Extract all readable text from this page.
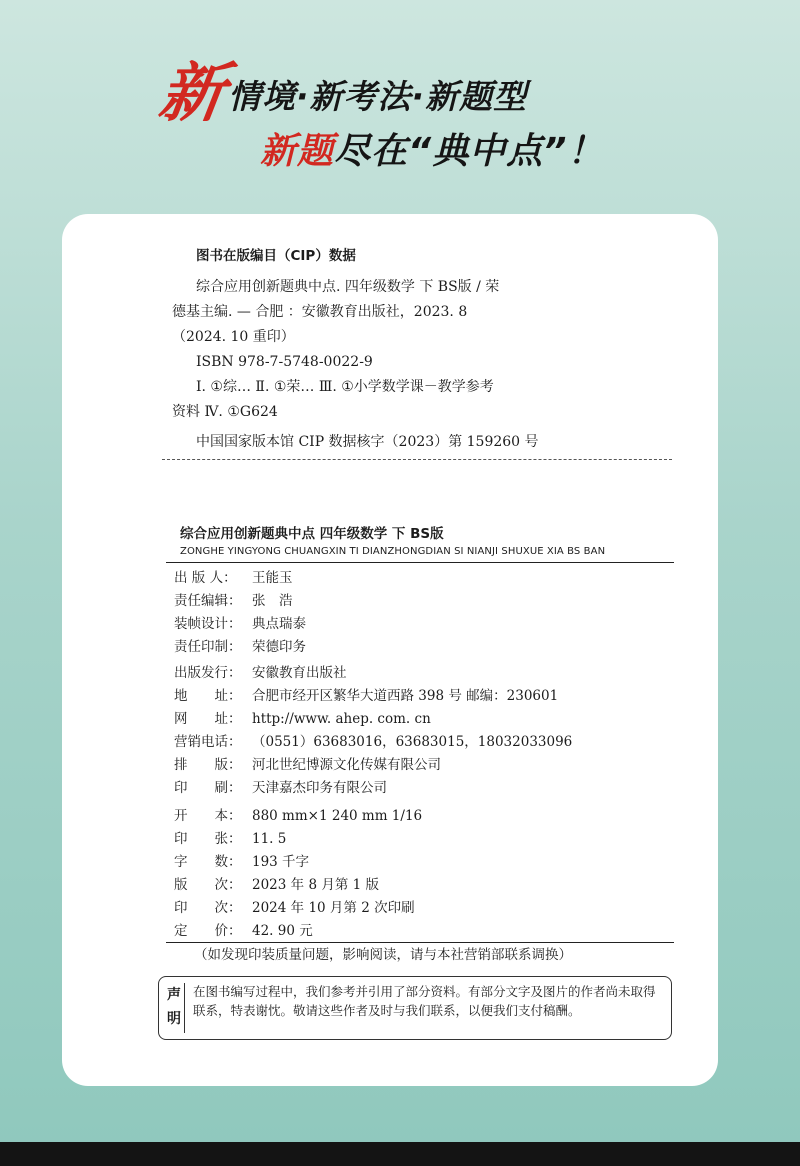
新
情境·新考法·新题型
新题尽在“典中点”！
图书在版编目（CIP）数据
综合应用创新题典中点. 四年级数学 下 BS版 / 荣
德基主编. — 合肥 ：安徽教育出版社，2023. 8
（2024. 10 重印）
ISBN 978-7-5748-0022-9
Ⅰ. ①综… Ⅱ. ①荣… Ⅲ. ①小学数学课－教学参考
资料 Ⅳ. ①G624
中国国家版本馆 CIP 数据核字（2023）第 159260 号
综合应用创新题典中点 四年级数学 下 BS版
ZONGHE YINGYONG CHUANGXIN TI DIANZHONGDIAN SI NIANJI SHUXUE XIA BS BAN
出 版 人： 王能玉
责任编辑： 张　浩
装帧设计： 典点瑞泰
责任印制： 荣德印务
出版发行： 安徽教育出版社
地　　址： 合肥市经开区繁华大道西路 398 号 邮编：230601
网　　址： http://www. ahep. com. cn
营销电话： （0551）63683016，63683015，18032033096
排　　版： 河北世纪博源文化传媒有限公司
印　　刷： 天津嘉杰印务有限公司
开　　本： 880 mm×1 240 mm 1/16
印　　张： 11. 5
字　　数： 193 千字
版　　次： 2023 年 8 月第 1 版
印　　次： 2024 年 10 月第 2 次印刷
定　　价： 42. 90 元
（如发现印装质量问题，影响阅读，请与本社营销部联系调换）
声
明
在图书编写过程中，我们参考并引用了部分资料。有部分文字及图片的作者尚未取得联系，特表谢忱。敬请这些作者及时与我们联系，以便我们支付稿酬。
